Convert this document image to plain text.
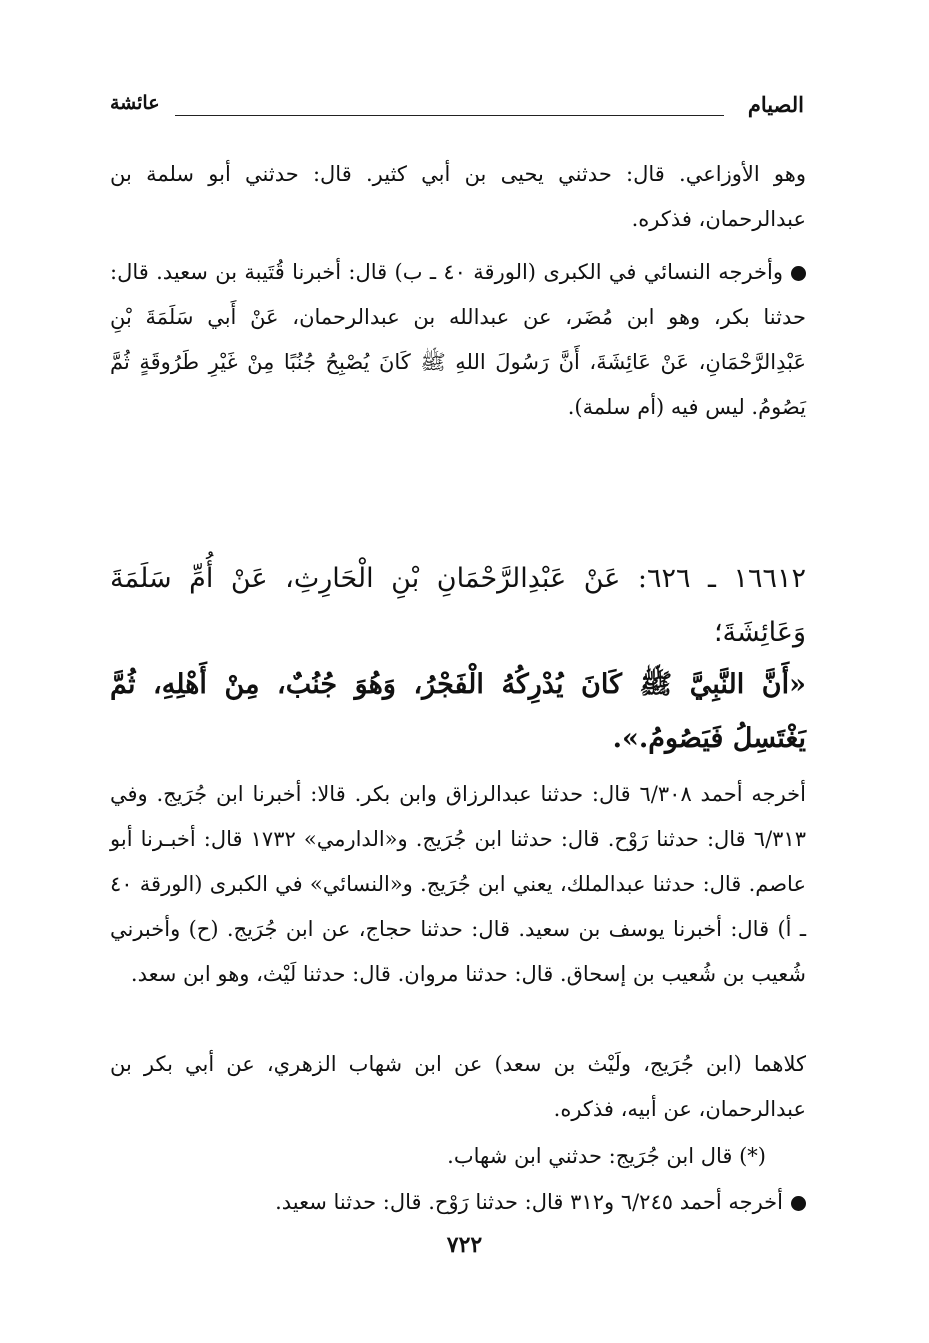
الصيام
عائشة
وهو الأوزاعي. قال: حدثني يحيى بن أبي كثير. قال: حدثني أبو سلمة بن عبدالرحمان، فذكره.
وأخرجه النسائي في الكبرى (الورقة ٤٠ ـ ب) قال: أخبرنا قُتَيبة بن سعيد. قال: حدثنا بكر، وهو ابن مُضَر، عن عبدالله بن عبدالرحمان، عَنْ أَبي سَلَمَةَ بْنِ عَبْدِالرَّحْمَانِ، عَنْ عَائِشَةَ، أَنَّ رَسُولَ اللهِ ﷺ كَانَ يُصْبِحُ جُنُبًا مِنْ غَيْرِ طَرُوقَةٍ ثُمَّ يَصُومُ. ليس فيه (أم سلمة).
١٦٦١٢ ـ ٦٢٦: عَنْ عَبْدِالرَّحْمَانِ بْنِ الْحَارِثِ، عَنْ أُمِّ سَلَمَةَ وَعَائِشَةَ؛
«أَنَّ النَّبِيَّ ﷺ كَانَ يُدْرِكُهُ الْفَجْرُ، وَهُوَ جُنُبٌ، مِنْ أَهْلِهِ، ثُمَّ يَغْتَسِلُ فَيَصُومُ.».
أخرجه أحمد ٦/٣٠٨ قال: حدثنا عبدالرزاق وابن بكر. قالا: أخبرنا ابن جُرَيج. وفي ٦/٣١٣ قال: حدثنا رَوْح. قال: حدثنا ابن جُرَيج. و«الدارمي» ١٧٣٢ قال: أخبـرنا أبو عاصم. قال: حدثنا عبدالملك، يعني ابن جُرَيج. و«النسائي» في الكبرى (الورقة ٤٠ ـ أ) قال: أخبرنا يوسف بن سعيد. قال: حدثنا حجاج، عن ابن جُرَيج. (ح) وأخبرني شُعيب بن شُعيب بن إسحاق. قال: حدثنا مروان. قال: حدثنا لَيْث، وهو ابن سعد.
كلاهما (ابن جُرَيج، ولَيْث بن سعد) عن ابن شهاب الزهري، عن أبي بكر بن عبدالرحمان، عن أبيه، فذكره.
(*) قال ابن جُرَيج: حدثني ابن شهاب.
أخرجه أحمد ٦/٢٤٥ و٣١٢ قال: حدثنا رَوْح. قال: حدثنا سعيد.
٧٢٢
